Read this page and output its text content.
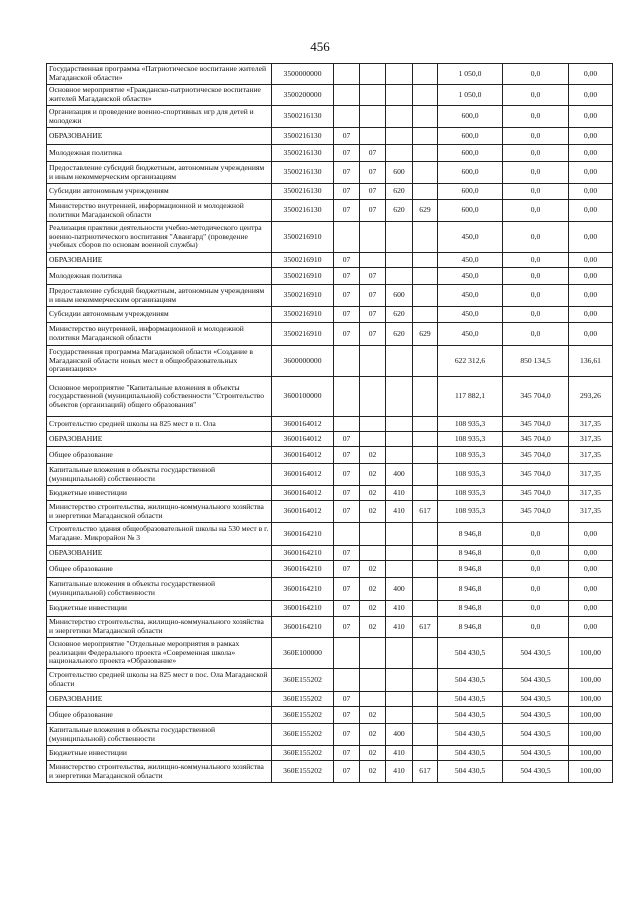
456
Государственная программа «Патриотическое воспитание жителей Магаданской области»	3500000000					1 050,0	0,0	0,00
Основное мероприятие «Гражданско-патриотическое воспитание жителей Магаданской области»	3500200000					1 050,0	0,0	0,00
Организация и проведение военно-спортивных игр для детей и молодежи	3500216130					600,0	0,0	0,00
ОБРАЗОВАНИЕ	3500216130	07				600,0	0,0	0,00
Молодежная политика	3500216130	07	07			600,0	0,0	0,00
Предоставление субсидий бюджетным, автономным учреждениям и иным некоммерческим организациям	3500216130	07	07	600		600,0	0,0	0,00
Субсидии автономным учреждениям	3500216130	07	07	620		600,0	0,0	0,00
Министерство внутренней, информационной и молодежной политики Магаданской области	3500216130	07	07	620	629	600,0	0,0	0,00
Реализация практики деятельности учебно-методического центра военно-патриотического воспитания "Авангард" (проведение учебных сборов по основам военной службы)	3500216910					450,0	0,0	0,00
ОБРАЗОВАНИЕ	3500216910	07				450,0	0,0	0,00
Молодежная политика	3500216910	07	07			450,0	0,0	0,00
Предоставление субсидий бюджетным, автономным учреждениям и иным некоммерческим организациям	3500216910	07	07	600		450,0	0,0	0,00
Субсидии автономным учреждениям	3500216910	07	07	620		450,0	0,0	0,00
Министерство внутренней, информационной и молодежной политики Магаданской области	3500216910	07	07	620	629	450,0	0,0	0,00
Государственная программа Магаданской области «Создание в Магаданской области новых мест в общеобразовательных организациях»	3600000000					622 312,6	850 134,5	136,61
Основное мероприятие "Капитальные вложения в объекты государственной (муниципальной) собственности "Строительство объектов (организаций) общего образования"	3600100000					117 882,1	345 704,0	293,26
Строительство средней школы на 825 мест в п. Ола	3600164012					108 935,3	345 704,0	317,35
ОБРАЗОВАНИЕ	3600164012	07				108 935,3	345 704,0	317,35
Общее образование	3600164012	07	02			108 935,3	345 704,0	317,35
Капитальные вложения в объекты государственной (муниципальной) собственности	3600164012	07	02	400		108 935,3	345 704,0	317,35
Бюджетные инвестиции	3600164012	07	02	410		108 935,3	345 704,0	317,35
Министерство строительства, жилищно-коммунального хозяйства и энергетики Магаданской области	3600164012	07	02	410	617	108 935,3	345 704,0	317,35
Строительство здания общеобразовательной школы на 530 мест в г. Магадане. Микрорайон № 3	3600164210					8 946,8	0,0	0,00
ОБРАЗОВАНИЕ	3600164210	07				8 946,8	0,0	0,00
Общее образование	3600164210	07	02			8 946,8	0,0	0,00
Капитальные вложения в объекты государственной (муниципальной) собственности	3600164210	07	02	400		8 946,8	0,0	0,00
Бюджетные инвестиции	3600164210	07	02	410		8 946,8	0,0	0,00
Министерство строительства, жилищно-коммунального хозяйства и энергетики Магаданской области	3600164210	07	02	410	617	8 946,8	0,0	0,00
Основное мероприятие "Отдельные мероприятия в рамках реализации Федерального проекта «Современная школа» национального проекта «Образование»	360E100000					504 430,5	504 430,5	100,00
Строительство средней школы на 825 мест в пос. Ола Магаданской области	360E155202					504 430,5	504 430,5	100,00
ОБРАЗОВАНИЕ	360E155202	07				504 430,5	504 430,5	100,00
Общее образование	360E155202	07	02			504 430,5	504 430,5	100,00
Капитальные вложения в объекты государственной (муниципальной) собственности	360E155202	07	02	400		504 430,5	504 430,5	100,00
Бюджетные инвестиции	360E155202	07	02	410		504 430,5	504 430,5	100,00
Министерство строительства, жилищно-коммунального хозяйства и энергетики Магаданской области	360E155202	07	02	410	617	504 430,5	504 430,5	100,00
